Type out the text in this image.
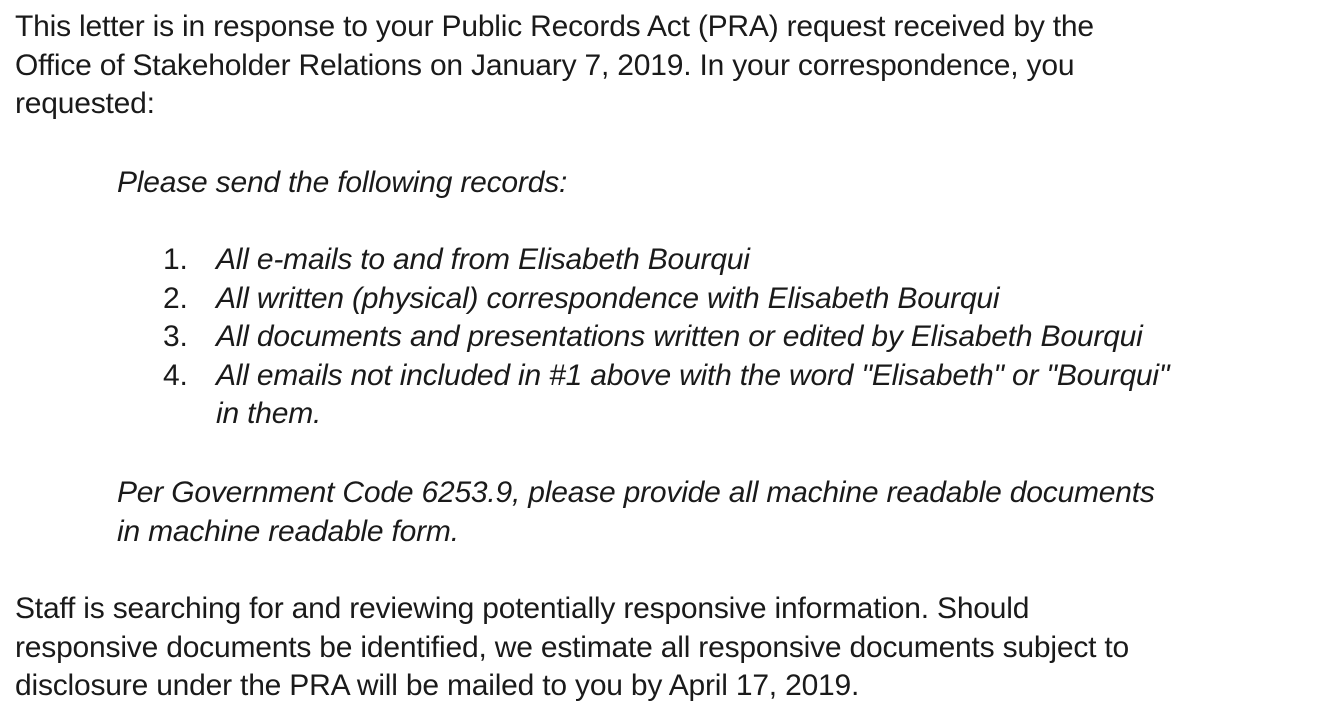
This letter is in response to your Public Records Act (PRA) request received by the
Office of Stakeholder Relations on January 7, 2019. In your correspondence, you
requested:

Please send the following records:

1. All e-mails to and from Elisabeth Bourqui
2. All written (physical) correspondence with Elisabeth Bourqui
3. All documents and presentations written or edited by Elisabeth Bourqui
4. All emails not included in #1 above with the word "Elisabeth" or "Bourqui"
in them.

Per Government Code 6253.9, please provide all machine readable documents
in machine readable form.

Staff is searching for and reviewing potentially responsive information. Should
responsive documents be identified, we estimate all responsive documents subject to
disclosure under the PRA will be mailed to you by April 17, 2019.
